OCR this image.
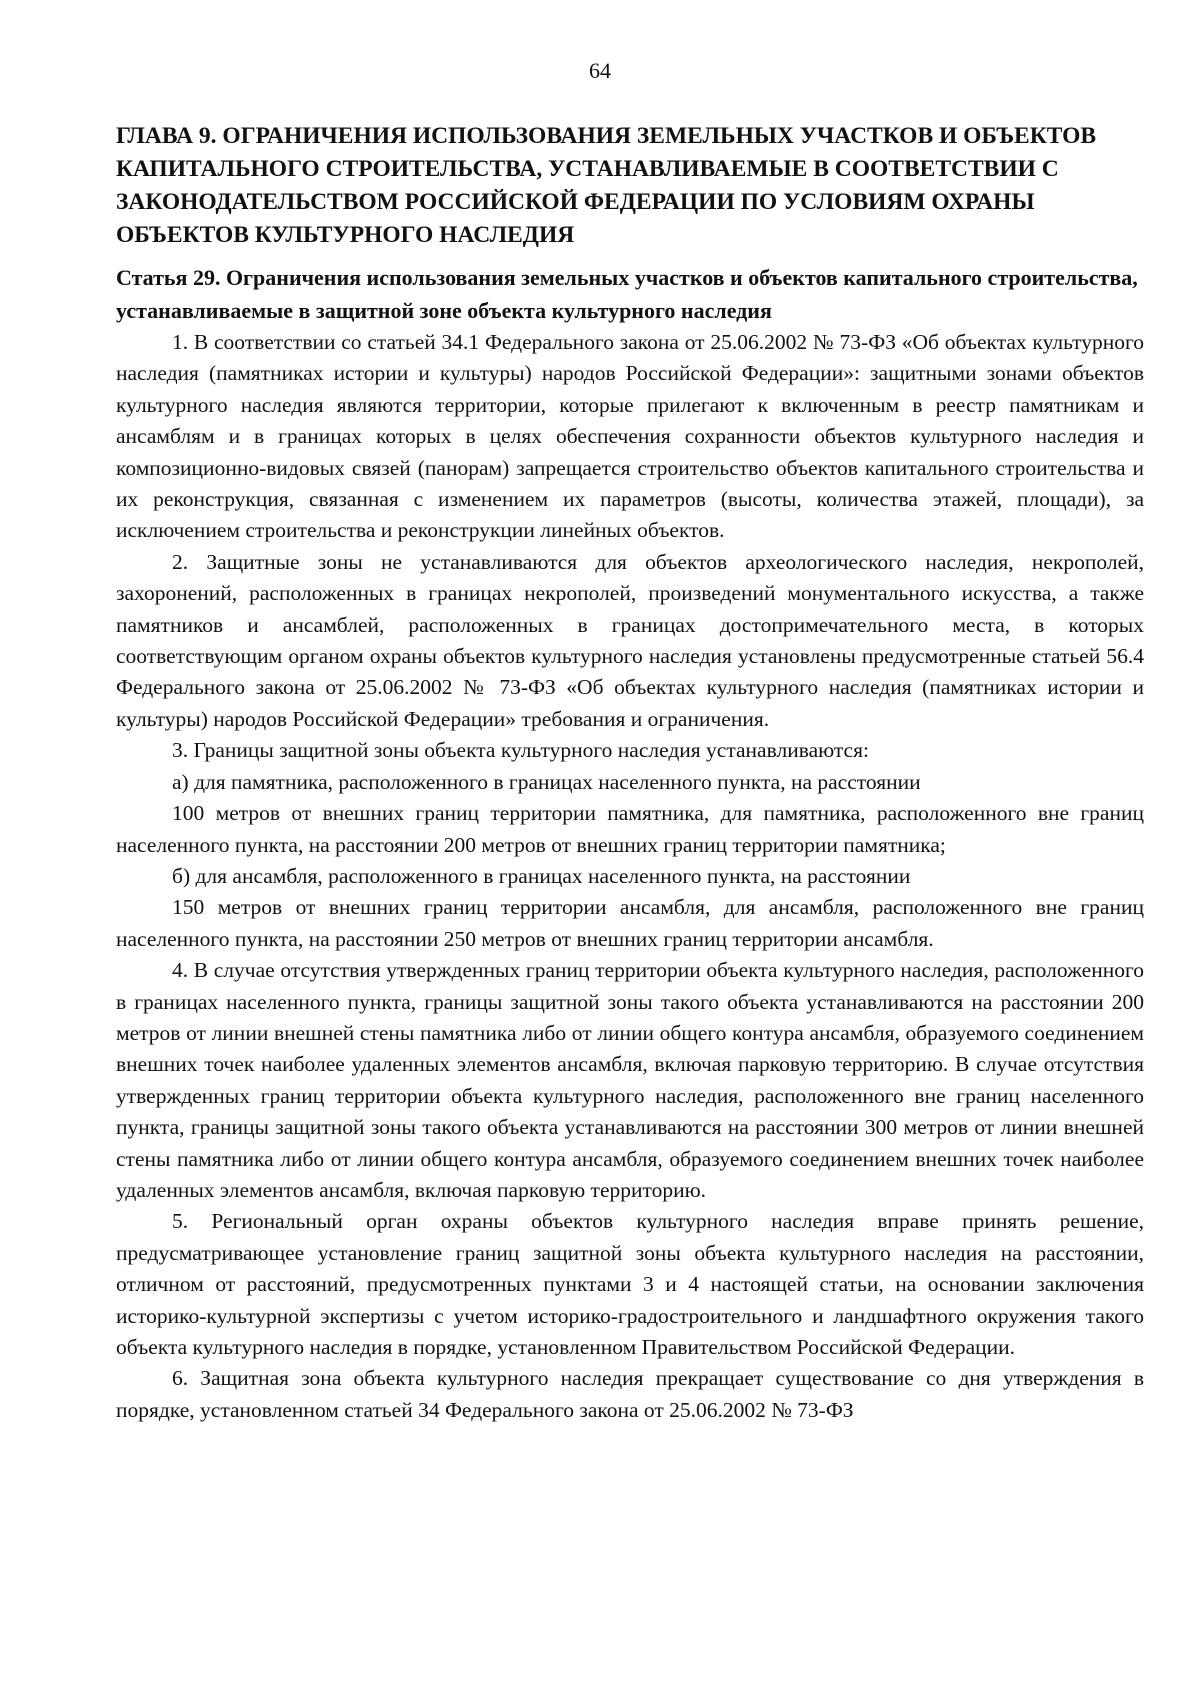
64
ГЛАВА 9. ОГРАНИЧЕНИЯ ИСПОЛЬЗОВАНИЯ ЗЕМЕЛЬНЫХ УЧАСТКОВ И ОБЪЕКТОВ КАПИТАЛЬНОГО СТРОИТЕЛЬСТВА, УСТАНАВЛИВАЕМЫЕ В СООТВЕТСТВИИ С ЗАКОНОДАТЕЛЬСТВОМ РОССИЙСКОЙ ФЕДЕРАЦИИ ПО УСЛОВИЯМ ОХРАНЫ ОБЪЕКТОВ КУЛЬТУРНОГО НАСЛЕДИЯ
Статья 29. Ограничения использования земельных участков и объектов капитального строительства, устанавливаемые в защитной зоне объекта культурного наследия

1. В соответствии со статьей 34.1 Федерального закона от 25.06.2002 № 73-ФЗ «Об объектах культурного наследия (памятниках истории и культуры) народов Российской Федерации»: защитными зонами объектов культурного наследия являются территории, которые прилегают к включенным в реестр памятникам и ансамблям и в границах которых в целях обеспечения сохранности объектов культурного наследия и композиционно-видовых связей (панорам) запрещается строительство объектов капитального строительства и их реконструкция, связанная с изменением их параметров (высоты, количества этажей, площади), за исключением строительства и реконструкции линейных объектов.

2. Защитные зоны не устанавливаются для объектов археологического наследия, некрополей, захоронений, расположенных в границах некрополей, произведений монументального искусства, а также памятников и ансамблей, расположенных в границах достопримечательного места, в которых соответствующим органом охраны объектов культурного наследия установлены предусмотренные статьей 56.4 Федерального закона от 25.06.2002 № 73-ФЗ «Об объектах культурного наследия (памятниках истории и культуры) народов Российской Федерации» требования и ограничения.

3. Границы защитной зоны объекта культурного наследия устанавливаются:

а) для памятника, расположенного в границах населенного пункта, на расстоянии

100 метров от внешних границ территории памятника, для памятника, расположенного вне границ населенного пункта, на расстоянии 200 метров от внешних границ территории памятника;

б) для ансамбля, расположенного в границах населенного пункта, на расстоянии

150 метров от внешних границ территории ансамбля, для ансамбля, расположенного вне границ населенного пункта, на расстоянии 250 метров от внешних границ территории ансамбля.

4. В случае отсутствия утвержденных границ территории объекта культурного наследия, расположенного в границах населенного пункта, границы защитной зоны такого объекта устанавливаются на расстоянии 200 метров от линии внешней стены памятника либо от линии общего контура ансамбля, образуемого соединением внешних точек наиболее удаленных элементов ансамбля, включая парковую территорию. В случае отсутствия утвержденных границ территории объекта культурного наследия, расположенного вне границ населенного пункта, границы защитной зоны такого объекта устанавливаются на расстоянии 300 метров от линии внешней стены памятника либо от линии общего контура ансамбля, образуемого соединением внешних точек наиболее удаленных элементов ансамбля, включая парковую территорию.

5. Региональный орган охраны объектов культурного наследия вправе принять решение, предусматривающее установление границ защитной зоны объекта культурного наследия на расстоянии, отличном от расстояний, предусмотренных пунктами 3 и 4 настоящей статьи, на основании заключения историко-культурной экспертизы с учетом историко-градостроительного и ландшафтного окружения такого объекта культурного наследия в порядке, установленном Правительством Российской Федерации.

6. Защитная зона объекта культурного наследия прекращает существование со дня утверждения в порядке, установленном статьей 34 Федерального закона от 25.06.2002 № 73-ФЗ
